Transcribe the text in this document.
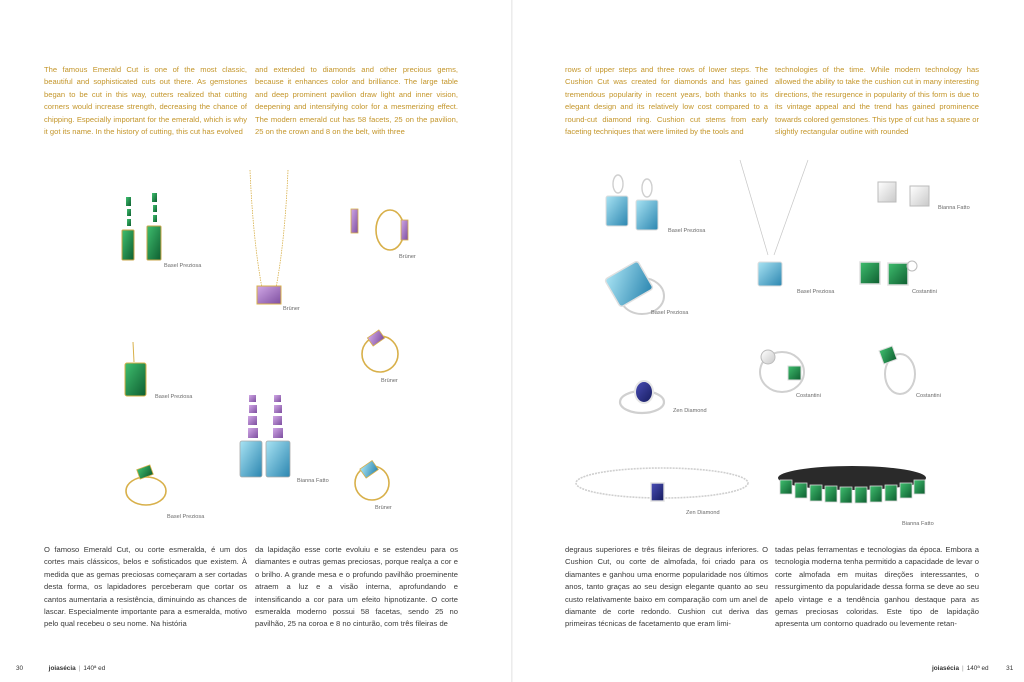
The famous Emerald Cut is one of the most classic, beautiful and sophisticated cuts out there. As gemstones began to be cut in this way, cutters realized that cutting corners would increase strength, decreasing the chance of chipping. Especially important for the emerald, which is why it got its name. In the history of cutting, this cut has evolved

and extended to diamonds and other precious gems, because it enhances color and brilliance. The large table and deep prominent pavilion draw light and inner vision, deepening and intensifying color for a mesmerizing effect. The modern emerald cut has 58 facets, 25 on the pavilion, 25 on the crown and 8 on the belt, with three

rows of upper steps and three rows of lower steps. The Cushion Cut was created for diamonds and has gained tremendous popularity in recent years, both thanks to its elegant design and its relatively low cost compared to a round-cut diamond ring. Cushion cut stems from early faceting techniques that were limited by the tools and

technologies of the time. While modern technology has allowed the ability to take the cushion cut in many interesting directions, the resurgence in popularity of this form is due to its vintage appeal and the trend has gained prominence towards colored gemstones. This type of cut has a square or slightly rectangular outline with rounded

Basel Preziosa
Brüner
Brüner
Basel Preziosa
Brüner
Bianna Fatto
Basel Preziosa
Brüner
Basel Preziosa
Basel Preziosa
Basel Preziosa
Bianna Fatto
Costantini
Zen Diamond
Costantini	Costantini
Zen Diamond
Bianna Fatto

O famoso Emerald Cut, ou corte esmeralda, é um dos cortes mais clássicos, belos e sofisticados que existem. À medida que as gemas preciosas começaram a ser cortadas desta forma, os lapidadores perceberam que cortar os cantos aumentaria a resistência, diminuindo as chances de lascar. Especialmente importante para a esmeralda, motivo pelo qual recebeu o seu nome. Na história

da lapidação esse corte evoluiu e se estendeu para os diamantes e outras gemas preciosas, porque realça a cor e o brilho. A grande mesa e o profundo pavilhão proeminente atraem a luz e a visão interna, aprofundando e intensificando a cor para um efeito hipnotizante. O corte esmeralda moderno possui 58 facetas, sendo 25 no pavilhão, 25 na coroa e 8 no cinturão, com três fileiras de

degraus superiores e três fileiras de degraus inferiores. O Cushion Cut, ou corte de almofada, foi criado para os diamantes e ganhou uma enorme popularidade nos últimos anos, tanto graças ao seu design elegante quanto ao seu custo relativamente baixo em comparação com um anel de diamante de corte redondo. Cushion cut deriva das primeiras técnicas de facetamento que eram limi-

tadas pelas ferramentas e tecnologias da época. Embora a tecnologia moderna tenha permitido a capacidade de levar o corte almofada em muitas direções interessantes, o ressurgimento da popularidade dessa forma se deve ao seu apelo vintage e a tendência ganhou destaque para as gemas preciosas coloridas. Este tipo de lapidação apresenta um contorno quadrado ou levemente retan-

30	joiasécia | 140ª ed	joiasécia | 140ª ed	31
